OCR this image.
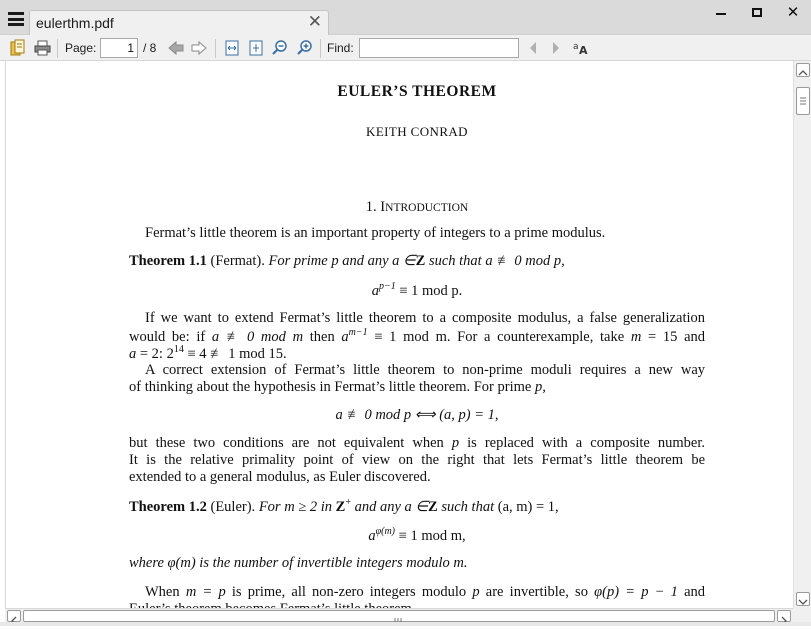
eulerthm.pdf	✕	✕
Page:
1	/ 8	Find:	a A
EULER’S THEOREM
KEITH CONRAD
1. INTRODUCTION
Fermat’s little theorem is an important property of integers to a prime modulus.
Theorem 1.1 (Fermat). For prime p and any a ∈Z such that a ≢ 0 mod p,
$a^{p-1} \equiv 1$ mod p.
If we want to extend Fermat’s little theorem to a composite modulus, a false generalization
would be: if a ≢ 0 mod m then $a^{m-1} \equiv 1$ mod m. For a counterexample, take m = 15 and
a = 2: $2^{14} \equiv 4$ ≢ 1 mod 15.
A correct extension of Fermat’s little theorem to non-prime moduli requires a new way
of thinking about the hypothesis in Fermat’s little theorem. For prime p,
a ≢ 0 mod p ⟺ (a, p) = 1,
but these two conditions are not equivalent when p is replaced with a composite number.
It is the relative primality point of view on the right that lets Fermat’s little theorem be
extended to a general modulus, as Euler discovered.
Theorem 1.2 (Euler). For m ≥ 2 in Z+ and any a ∈Z such that (a, m) = 1,
$a^{\varphi(m)} \equiv 1$ mod m,
where φ(m) is the number of invertible integers modulo m.
When m = p is prime, all non-zero integers modulo p are invertible, so φ(p) = p − 1 and
